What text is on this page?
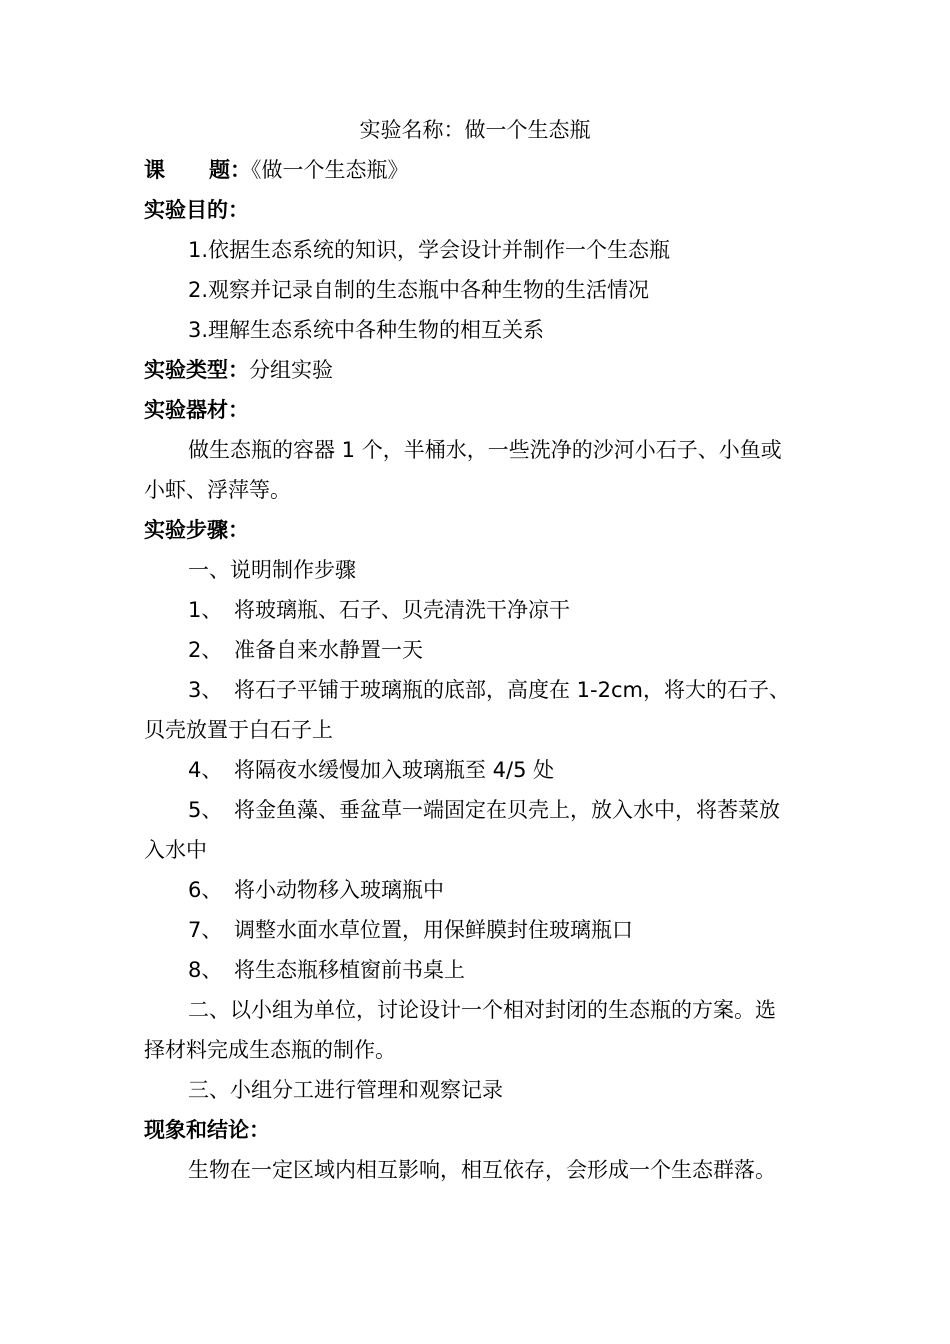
实验名称：做一个生态瓶
课 题：《做一个生态瓶》
实验目的：
1.依据生态系统的知识，学会设计并制作一个生态瓶
2.观察并记录自制的生态瓶中各种生物的生活情况
3.理解生态系统中各种生物的相互关系
实验类型：分组实验
实验器材：
做生态瓶的容器 1 个，半桶水，一些洗净的沙河小石子、小鱼或
小虾、浮萍等。
实验步骤：
一、说明制作步骤
1、 将玻璃瓶、石子、贝壳清洗干净凉干
2、 准备自来水静置一天
3、 将石子平铺于玻璃瓶的底部，高度在 1-2cm，将大的石子、
贝壳放置于白石子上
4、 将隔夜水缓慢加入玻璃瓶至 4/5 处
5、 将金鱼藻、垂盆草一端固定在贝壳上，放入水中，将莕菜放
入水中
6、 将小动物移入玻璃瓶中
7、 调整水面水草位置，用保鲜膜封住玻璃瓶口
8、 将生态瓶移植窗前书桌上
二、以小组为单位，讨论设计一个相对封闭的生态瓶的方案。选
择材料完成生态瓶的制作。
三、小组分工进行管理和观察记录
现象和结论：
生物在一定区域内相互影响，相互依存，会形成一个生态群落。
